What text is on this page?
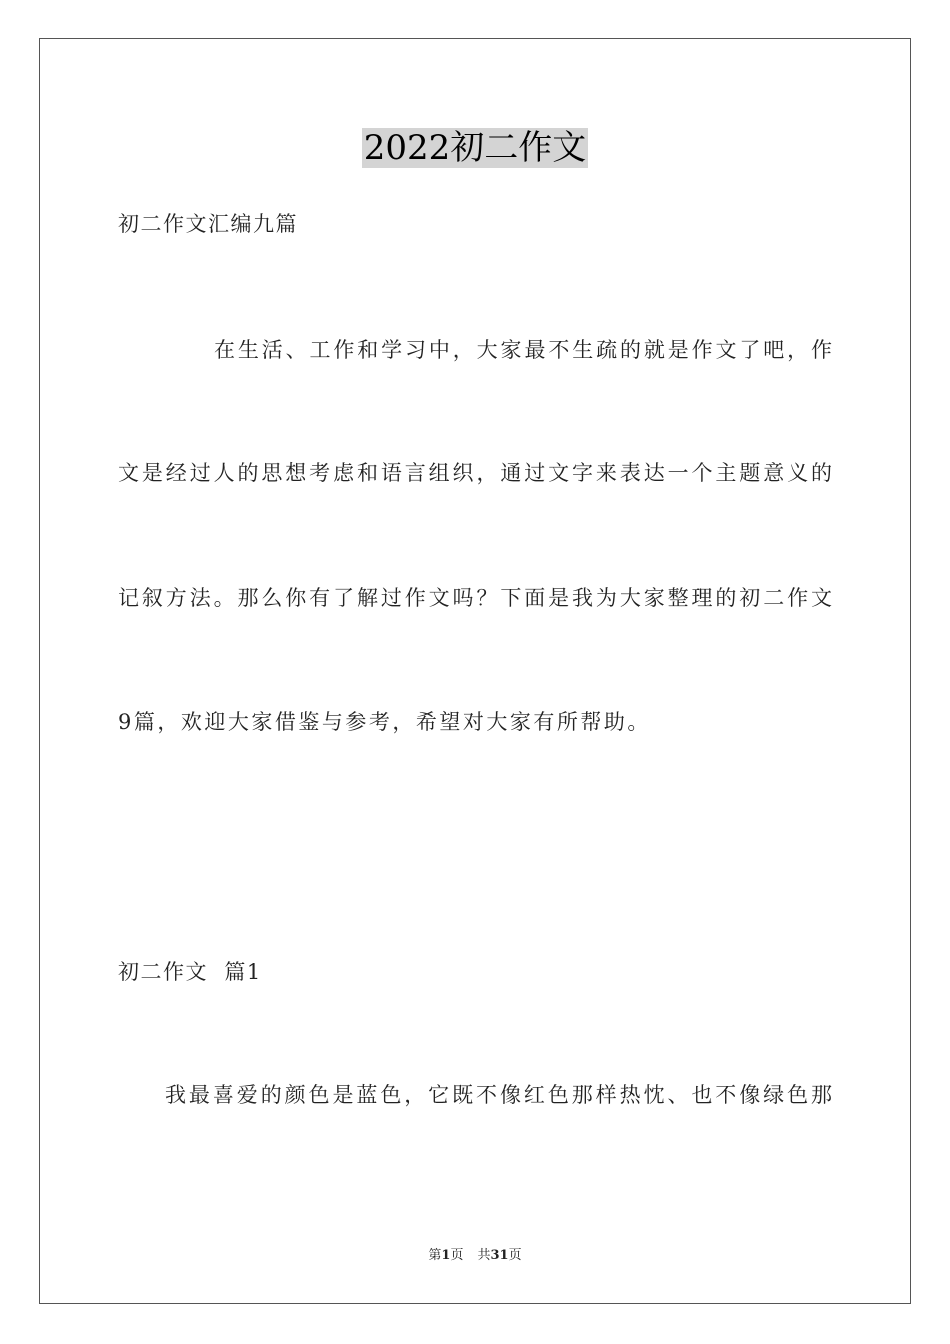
2022初二作文
初二作文汇编九篇
在生活、工作和学习中，大家最不生疏的就是作文了吧，作
文是经过人的思想考虑和语言组织，通过文字来表达一个主题意义的
记叙方法。那么你有了解过作文吗？下面是我为大家整理的初二作文
9篇，欢迎大家借鉴与参考，希望对大家有所帮助。
初二作文  篇1
我最喜爱的颜色是蓝色，它既不像红色那样热忱、也不像绿色那
第1页 共31页
